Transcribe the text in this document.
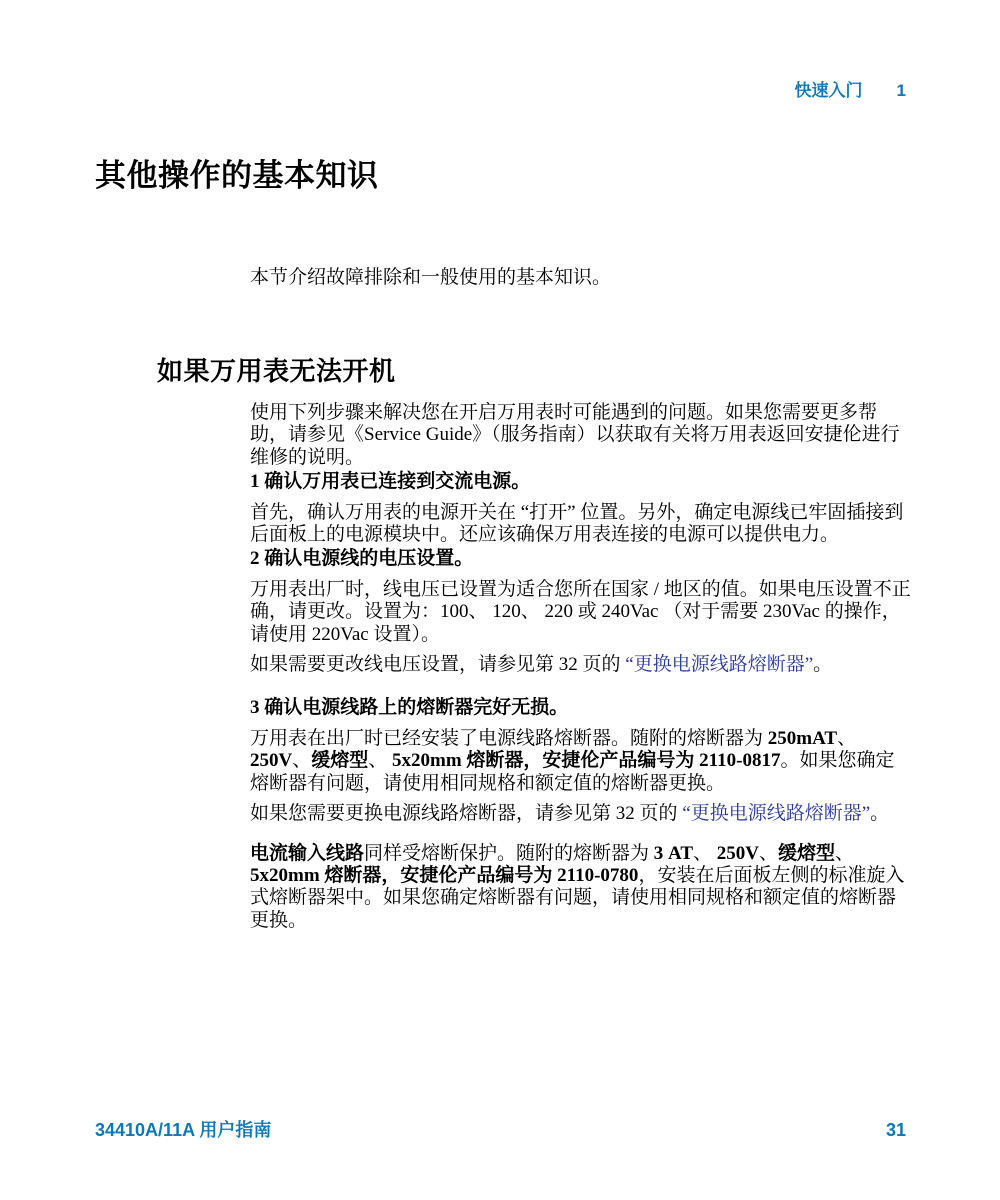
快速入门 1
其他操作的基本知识

本节介绍故障排除和一般使用的基本知识。

如果万用表无法开机

使用下列步骤来解决您在开启万用表时可能遇到的问题。如果您需要更多帮助，请参见《Service Guide》（服务指南）以获取有关将万用表返回安捷伦进行维修的说明。

1 确认万用表已连接到交流电源。

首先，确认万用表的电源开关在 “打开” 位置。另外，确定电源线已牢固插接到后面板上的电源模块中。还应该确保万用表连接的电源可以提供电力。

2 确认电源线的电压设置。

万用表出厂时，线电压已设置为适合您所在国家 / 地区的值。如果电压设置不正确，请更改。设置为：100、 120、 220 或 240Vac （对于需要 230Vac 的操作，请使用 220Vac 设置）。

如果需要更改线电压设置，请参见第 32 页的 “更换电源线路熔断器”。

3 确认电源线路上的熔断器完好无损。

万用表在出厂时已经安装了电源线路熔断器。随附的熔断器为 250mAT、 250V、缓熔型、 5x20mm 熔断器，安捷伦产品编号为 2110-0817。如果您确定熔断器有问题，请使用相同规格和额定值的熔断器更换。

如果您需要更换电源线路熔断器，请参见第 32 页的 “更换电源线路熔断器”。

电流输入线路同样受熔断保护。随附的熔断器为 3 AT、 250V、缓熔型、5x20mm 熔断器，安捷伦产品编号为 2110-0780，安装在后面板左侧的标准旋入式熔断器架中。如果您确定熔断器有问题，请使用相同规格和额定值的熔断器更换。

34410A/11A 用户指南	31
